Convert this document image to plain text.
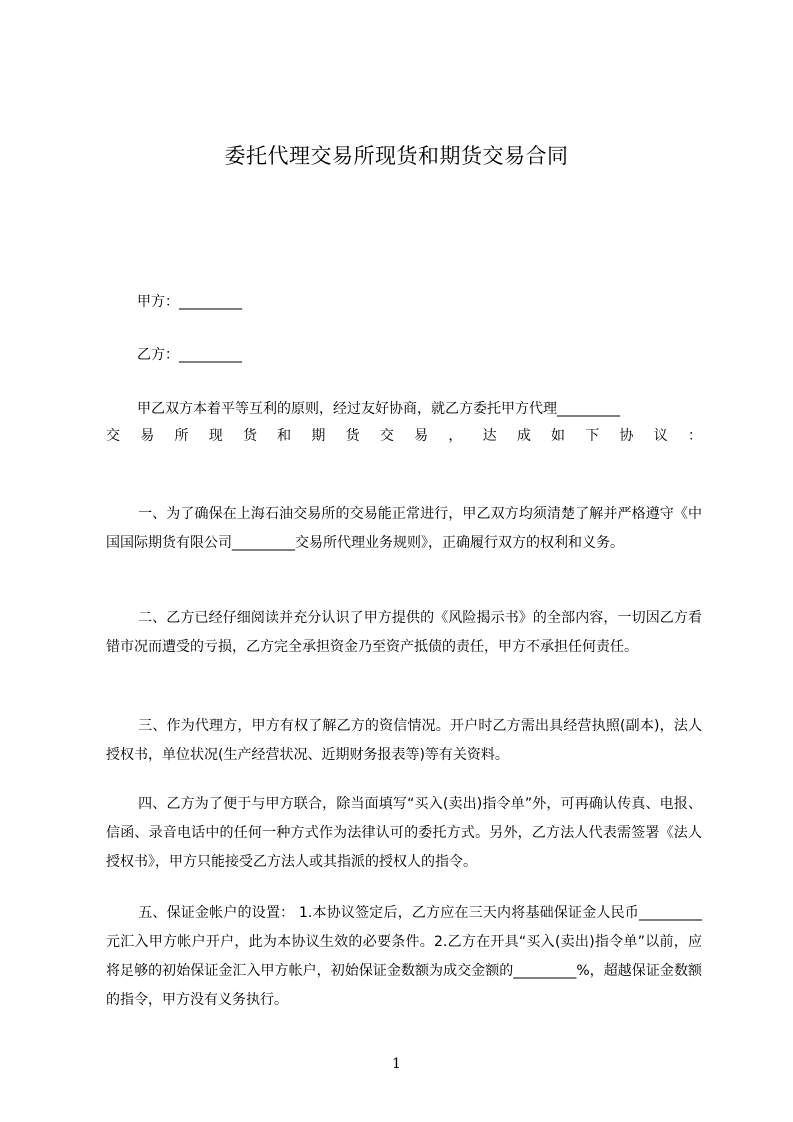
委托代理交易所现货和期货交易合同
甲方：_________
乙方：_________
甲乙双方本着平等互利的原则，经过友好协商，就乙方委托甲方代理_________
交 易 所 现 货 和 期 货 交 易 ， 达 成 如 下 协 议 ：
一、为了确保在上海石油交易所的交易能正常进行，甲乙双方均须清楚了解并严格遵守《中国国际期货有限公司_________交易所代理业务规则》，正确履行双方的权利和义务。
二、乙方已经仔细阅读并充分认识了甲方提供的《风险揭示书》的全部内容，一切因乙方看错市况而遭受的亏损，乙方完全承担资金乃至资产抵债的责任，甲方不承担任何责任。
三、作为代理方，甲方有权了解乙方的资信情况。开户时乙方需出具经营执照(副本)，法人授权书，单位状况(生产经营状况、近期财务报表等)等有关资料。
四、乙方为了便于与甲方联合，除当面填写“买入(卖出)指令单”外，可再确认传真、电报、信函、录音电话中的任何一种方式作为法律认可的委托方式。另外，乙方法人代表需签署《法人授权书》，甲方只能接受乙方法人或其指派的授权人的指令。
五、保证金帐户的设置： 1.本协议签定后，乙方应在三天内将基础保证金人民币_________元汇入甲方帐户开户，此为本协议生效的必要条件。2.乙方在开具“买入(卖出)指令单”以前，应将足够的初始保证金汇入甲方帐户，初始保证金数额为成交金额的_________%，超越保证金数额的指令，甲方没有义务执行。
1
